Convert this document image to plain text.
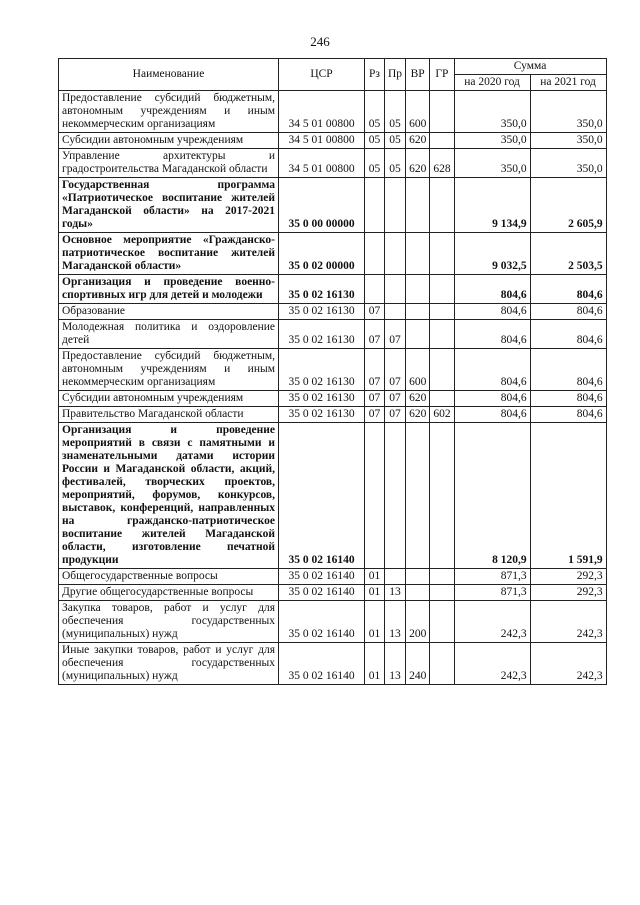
246
Наименование	ЦСР	Рз	Пр	ВР	ГР	Сумма	
						на 2020 год	на 2021 год
Предоставление субсидий бюджетным, автономным учреждениям и иным некоммерческим организациям	34 5 01 00800	05	05	600		350,0	350,0
Субсидии автономным учреждениям	34 5 01 00800	05	05	620		350,0	350,0
Управление архитектуры и градостроительства Магаданской области	34 5 01 00800	05	05	620	628	350,0	350,0
Государственная программа «Патриотическое воспитание жителей Магаданской области» на 2017-2021 годы»	35 0 00 00000					9 134,9	2 605,9
Основное мероприятие «Гражданско-патриотическое воспитание жителей Магаданской области»	35 0 02 00000					9 032,5	2 503,5
Организация и проведение военно-спортивных игр для детей и молодежи	35 0 02 16130					804,6	804,6
Образование	35 0 02 16130	07				804,6	804,6
Молодежная политика и оздоровление детей	35 0 02 16130	07	07			804,6	804,6
Предоставление субсидий бюджетным, автономным учреждениям и иным некоммерческим организациям	35 0 02 16130	07	07	600		804,6	804,6
Субсидии автономным учреждениям	35 0 02 16130	07	07	620		804,6	804,6
Правительство Магаданской области	35 0 02 16130	07	07	620	602	804,6	804,6
Организация и проведение мероприятий в связи с памятными и знаменательными датами истории России и Магаданской области, акций, фестивалей, творческих проектов, мероприятий, форумов, конкурсов, выставок, конференций, направленных на гражданско-патриотическое воспитание жителей Магаданской области, изготовление печатной продукции	35 0 02 16140					8 120,9	1 591,9
Общегосударственные вопросы	35 0 02 16140	01				871,3	292,3
Другие общегосударственные вопросы	35 0 02 16140	01	13			871,3	292,3
Закупка товаров, работ и услуг для обеспечения государственных (муниципальных) нужд	35 0 02 16140	01	13	200		242,3	242,3
Иные закупки товаров, работ и услуг для обеспечения государственных (муниципальных) нужд	35 0 02 16140	01	13	240		242,3	242,3
